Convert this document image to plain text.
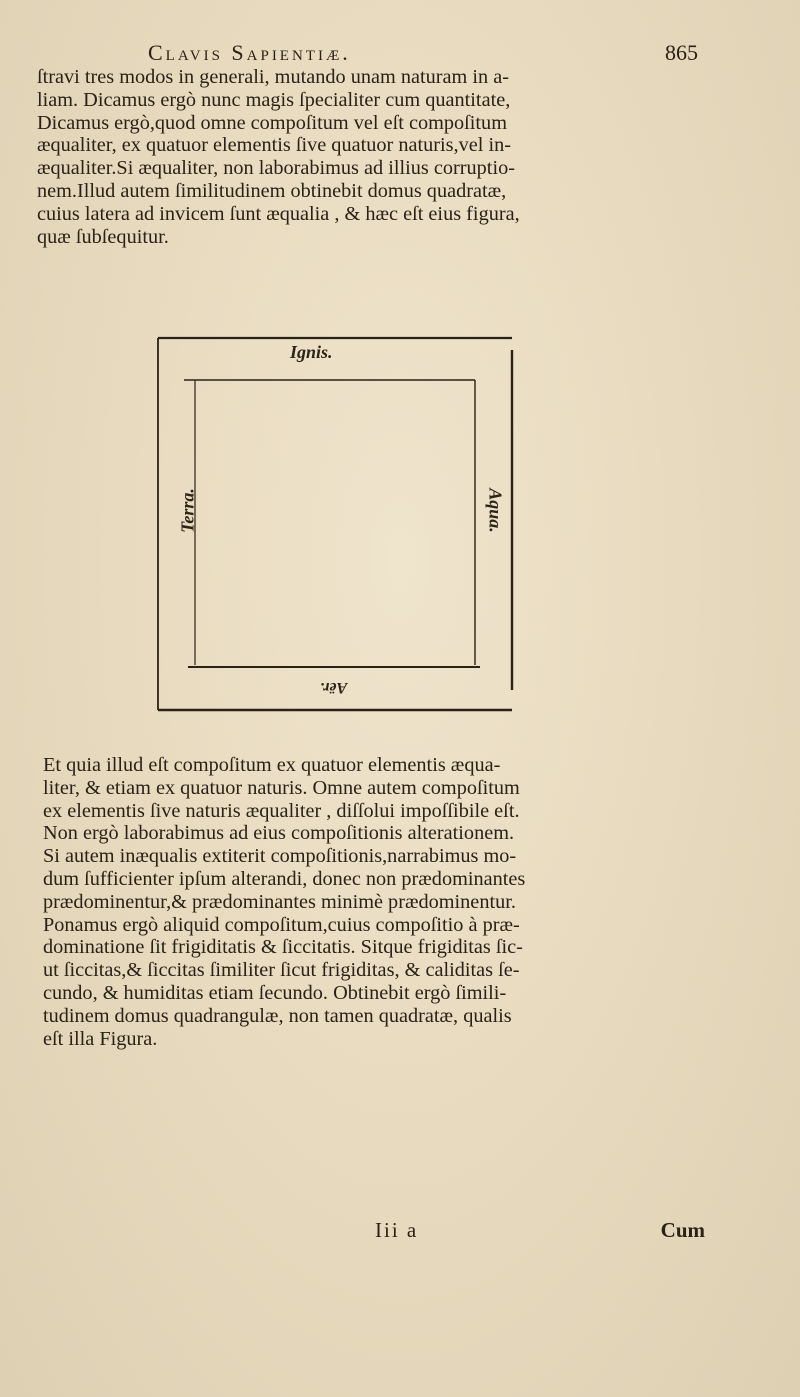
Clavis Sapientiæ.	865
ſtravi tres modos in generali, mutando unam naturam in a-
liam. Dicamus ergò nunc magis ſpecialiter cum quantitate,
Dicamus ergò,quod omne compoſitum vel eſt compoſitum
æqualiter, ex quatuor elementis ſive quatuor naturis,vel in-
æqualiter.Si æqualiter, non laborabimus ad illius corruptio-
nem.Illud autem ſimilitudinem obtinebit domus quadratæ,
cuius latera ad invicem ſunt æqualia , & hæc eſt eius figura,
quæ ſubſequitur.
Ignis.
Terra.	Aqua.
Aër.
Et quia illud eſt compoſitum ex quatuor elementis æqua-
liter, & etiam ex quatuor naturis. Omne autem compoſitum
ex elementis ſive naturis æqualiter , diſſolui impoſſibile eſt.
Non ergò laborabimus ad eius compoſitionis alterationem.
Si autem inæqualis extiterit compoſitionis,narrabimus mo-
dum ſufficienter ipſum alterandi, donec non prædominantes
prædominentur,& prædominantes minimè prædominentur.
Ponamus ergò aliquid compoſitum,cuius compoſitio à præ-
dominatione ſit frigiditatis & ſiccitatis. Sitque frigiditas ſic-
ut ſiccitas,& ſiccitas ſimiliter ſicut frigiditas, & caliditas ſe-
cundo, & humiditas etiam ſecundo. Obtinebit ergò ſimili-
tudinem domus quadrangulæ, non tamen quadratæ, qualis
eſt illa Figura.
Iii a	Cum
